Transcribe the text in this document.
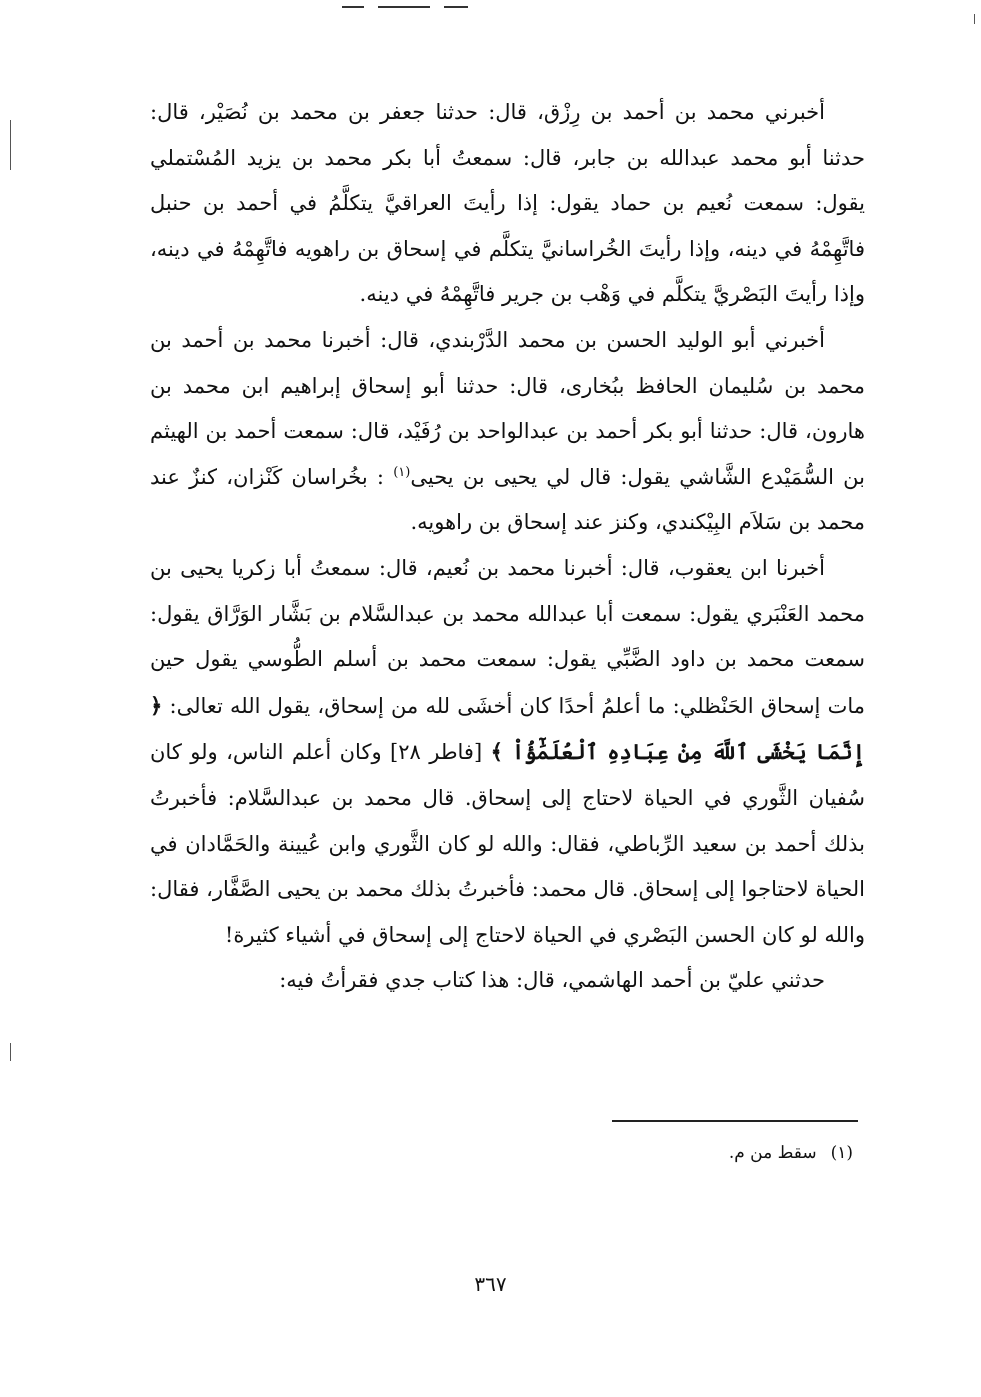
أخبرني محمد بن أحمد بن رِزْق، قال: حدثنا جعفر بن محمد بن نُصَيْر، قال: حدثنا أبو محمد عبدالله بن جابر، قال: سمعتُ أبا بكر محمد بن يزيد المُسْتملي يقول: سمعت نُعيم بن حماد يقول: إذا رأيتَ العراقيَّ يتكلَّمُ في أحمد بن حنبل فاتَّهِمْهُ في دينه، وإذا رأيتَ الخُراسانيَّ يتكلَّم في إسحاق بن راهويه فاتَّهِمْهُ في دينه، وإذا رأيتَ البَصْريَّ يتكلَّم في وَهْب بن جرير فاتَّهِمْهُ في دينه.

أخبرني أبو الوليد الحسن بن محمد الدَّرْبندي، قال: أخبرنا محمد بن أحمد بن محمد بن سُليمان الحافظ ببُخارى، قال: حدثنا أبو إسحاق إبراهيم ابن محمد بن هارون، قال: حدثنا أبو بكر أحمد بن عبدالواحد بن رُفَيْد، قال: سمعت أحمد بن الهيثم بن السُّمَيْدع الشَّاشي يقول: قال لي يحيى بن يحيى$^{(١)}$ : بخُراسان كَنْزان، كنزٌ عند محمد بن سَلاَم البِيْكندي، وكنز عند إسحاق بن راهويه.

أخبرنا ابن يعقوب، قال: أخبرنا محمد بن نُعيم، قال: سمعتُ أبا زكريا يحيى بن محمد العَنْبَري يقول: سمعت أبا عبدالله محمد بن عبدالسَّلام بن بَشَّار الوَرَّاق يقول: سمعت محمد بن داود الضَّبِّي يقول: سمعت محمد بن أسلم الطُّوسي يقول حين مات إسحاق الحَنْظلي: ما أعلمُ أحدًا كان أخشَى لله من إسحاق، يقول الله تعالى: ﴿ إِنَّمَا يَخْشَى ٱللَّهَ مِنْ عِبَادِهِ ٱلْعُلَمَٰٓؤُاْ ﴾ [فاطر ٢٨] وكان أعلم الناس، ولو كان سُفيان الثَّوري في الحياة لاحتاج إلى إسحاق. قال محمد بن عبدالسَّلام: فأخبرتُ بذلك أحمد بن سعيد الرِّباطي، فقال: والله لو كان الثَّوري وابن عُيينة والحَمَّادان في الحياة لاحتاجوا إلى إسحاق. قال محمد: فأخبرتُ بذلك محمد بن يحيى الصَّفَّار، فقال: والله لو كان الحسن البَصْري في الحياة لاحتاج إلى إسحاق في أشياء كثيرة!

حدثني عليّ بن أحمد الهاشمي، قال: هذا كتاب جدي فقرأتُ فيه:

(١)سقط من م.
٣٦٧
